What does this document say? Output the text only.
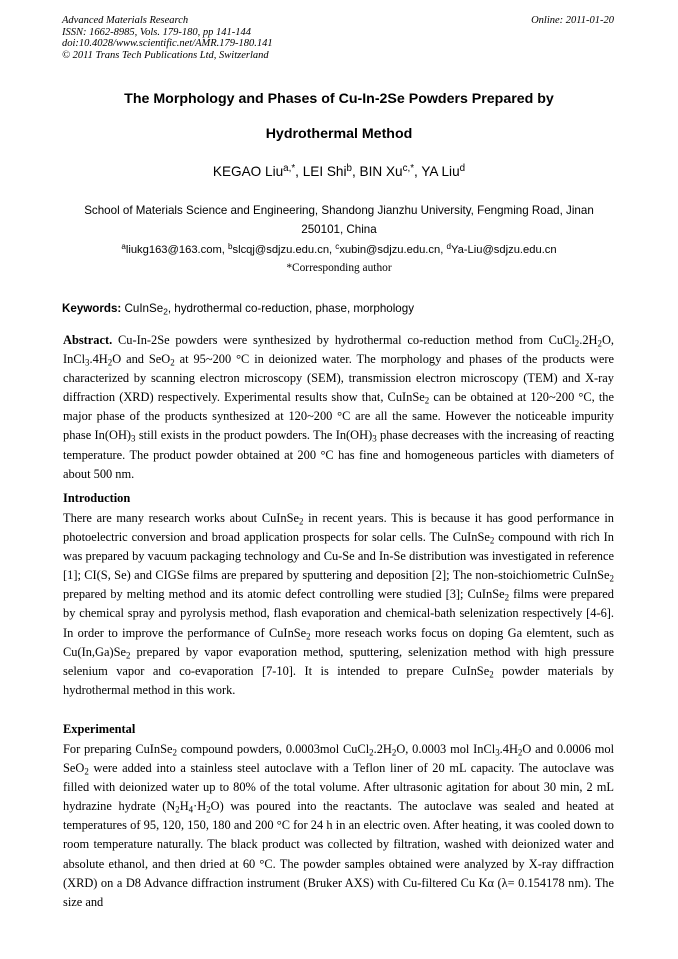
Advanced Materials Research
ISSN: 1662-8985, Vols. 179-180, pp 141-144
doi:10.4028/www.scientific.net/AMR.179-180.141
© 2011 Trans Tech Publications Ltd, Switzerland
Online: 2011-01-20
The Morphology and Phases of Cu-In-2Se Powders Prepared by
Hydrothermal Method
KEGAO Liu$^{a,*}$, LEI Shi$^b$, BIN $Xu^{c,*}$, YA Liu$^d$
School of Materials Science and Engineering, Shandong Jianzhu University, Fengming Road, Jinan 250101, China
$^a$liukg163@163.com, $^b$slcqj@sdjzu.edu.cn, $^c$xubin@sdjzu.edu.cn, $^d$Ya-Liu@sdjzu.edu.cn
*Corresponding author
Keywords: CuInSe$_2$, hydrothermal co-reduction, phase, morphology

Abstract. Cu-In-2Se powders were synthesized by hydrothermal co-reduction method from $CuCl_2.2H_2O$, $InCl_3.4H_2O$ and SeO$_2$ at 95~200 °C in deionized water. The morphology and phases of the products were characterized by scanning electron microscopy (SEM), transmission electron microscopy (TEM) and X-ray diffraction (XRD) respectively. Experimental results show that, CuInSe$_2$ can be obtained at 120~200 °C, the major phase of the products synthesized at 120~200 °C are all the same. However the noticeable impurity phase $In(OH)_3$ still exists in the product powders. The $In(OH)_3$ phase decreases with the increasing of reacting temperature. The product powder obtained at 200 °C has fine and homogeneous particles with diameters of about 500 nm.

Introduction

There are many research works about CuInSe$_2$ in recent years. This is because it has good performance in photoelectric conversion and broad application prospects for solar cells. The CuInSe$_2$ compound with rich In was prepared by vacuum packaging technology and Cu-Se and In-Se distribution was investigated in reference [1]; CI(S, Se) and CIGSe films are prepared by sputtering and deposition [2]; The non-stoichiometric CuInSe$_2$ prepared by melting method and its atomic defect controlling were studied [3]; CuInSe$_2$ films were prepared by chemical spray and pyrolysis method, flash evaporation and chemical-bath selenization respectively [4-6]. In order to improve the performance of CuInSe$_2$ more reseach works focus on doping Ga elemtent, such as $Cu(In,Ga)Se_2$ prepared by vapor evaporation method, sputtering, selenization method with high pressure selenium vapor and co-evaporation [7-10]. It is intended to prepare CuInSe$_2$ powder materials by hydrothermal method in this work.

Experimental

For preparing CuInSe$_2$ compound powders, 0.0003mol $CuCl_2.2H_2O$, 0.0003 mol $InCl_3.4H_2O$ and 0.0006 mol SeO$_2$ were added into a stainless steel autoclave with a Teflon liner of 20 mL capacity. The autoclave was filled with deionized water up to 80% of the total volume. After ultrasonic agitation for about 30 min, 2 mL hydrazine hydrate $(N_2H_4\cdot H_2O)$ was poured into the reactants. The autoclave was sealed and heated at temperatures of 95, 120, 150, 180 and 200 °C for 24 h in an electric oven. After heating, it was cooled down to room temperature naturally. The black product was collected by filtration, washed with deionized water and absolute ethanol, and then dried at 60 °C. The powder samples obtained were analyzed by X-ray diffraction (XRD) on a D8 Advance diffraction instrument (Bruker AXS) with Cu-filtered Cu Kα (λ= 0.154178 nm). The size and
